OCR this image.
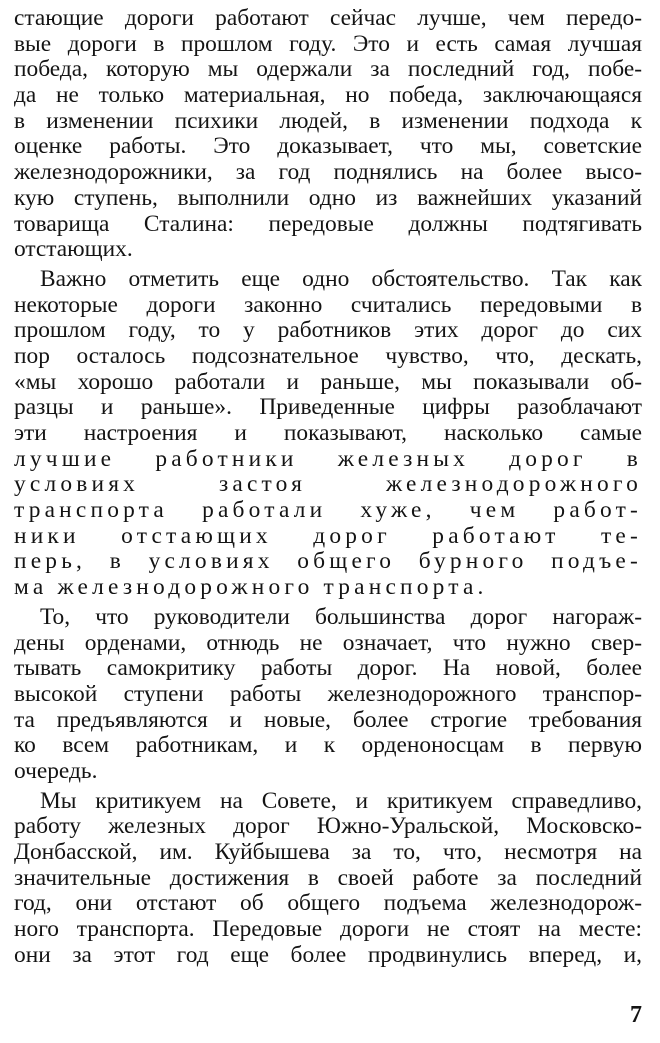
стающие дороги работают сейчас лучше, чем передо-
вые дороги в прошлом году. Это и есть самая лучшая
победа, которую мы одержали за последний год, побе-
да не только материальная, но победа, заключающаяся
в изменении психики людей, в изменении подхода к
оценке работы. Это доказывает, что мы, советские
железнодорожники, за год поднялись на более высо-
кую ступень, выполнили одно из важнейших указаний
товарища Сталина: передовые должны подтягивать
отстающих.
Важно отметить еще одно обстоятельство. Так как
некоторые дороги законно считались передовыми в
прошлом году, то у работников этих дорог до сих
пор осталось подсознательное чувство, что, дескать,
«мы хорошо работали и раньше, мы показывали об-
разцы и раньше». Приведенные цифры разоблачают
эти настроения и показывают, насколько самые
лучшие работники железных дорог в
условиях застоя железнодорожного
транспорта работали хуже, чем работ-
ники отстающих дорог работают те-
перь, в условиях общего бурного подъе-
ма железнодорожного транспорта.
То, что руководители большинства дорог нагораж-
дены орденами, отнюдь не означает, что нужно свер-
тывать самокритику работы дорог. На новой, более
высокой ступени работы железнодорожного транспор-
та предъявляются и новые, более строгие требования
ко всем работникам, и к орденоносцам в первую
очередь.
Мы критикуем на Совете, и критикуем справедливо,
работу железных дорог Южно-Уральской, Московско-
Донбасской, им. Куйбышева за то, что, несмотря на
значительные достижения в своей работе за последний
год, они отстают об общего подъема железнодорож-
ного транспорта. Передовые дороги не стоят на месте:
они за этот год еще более продвинулись вперед, и,
7
